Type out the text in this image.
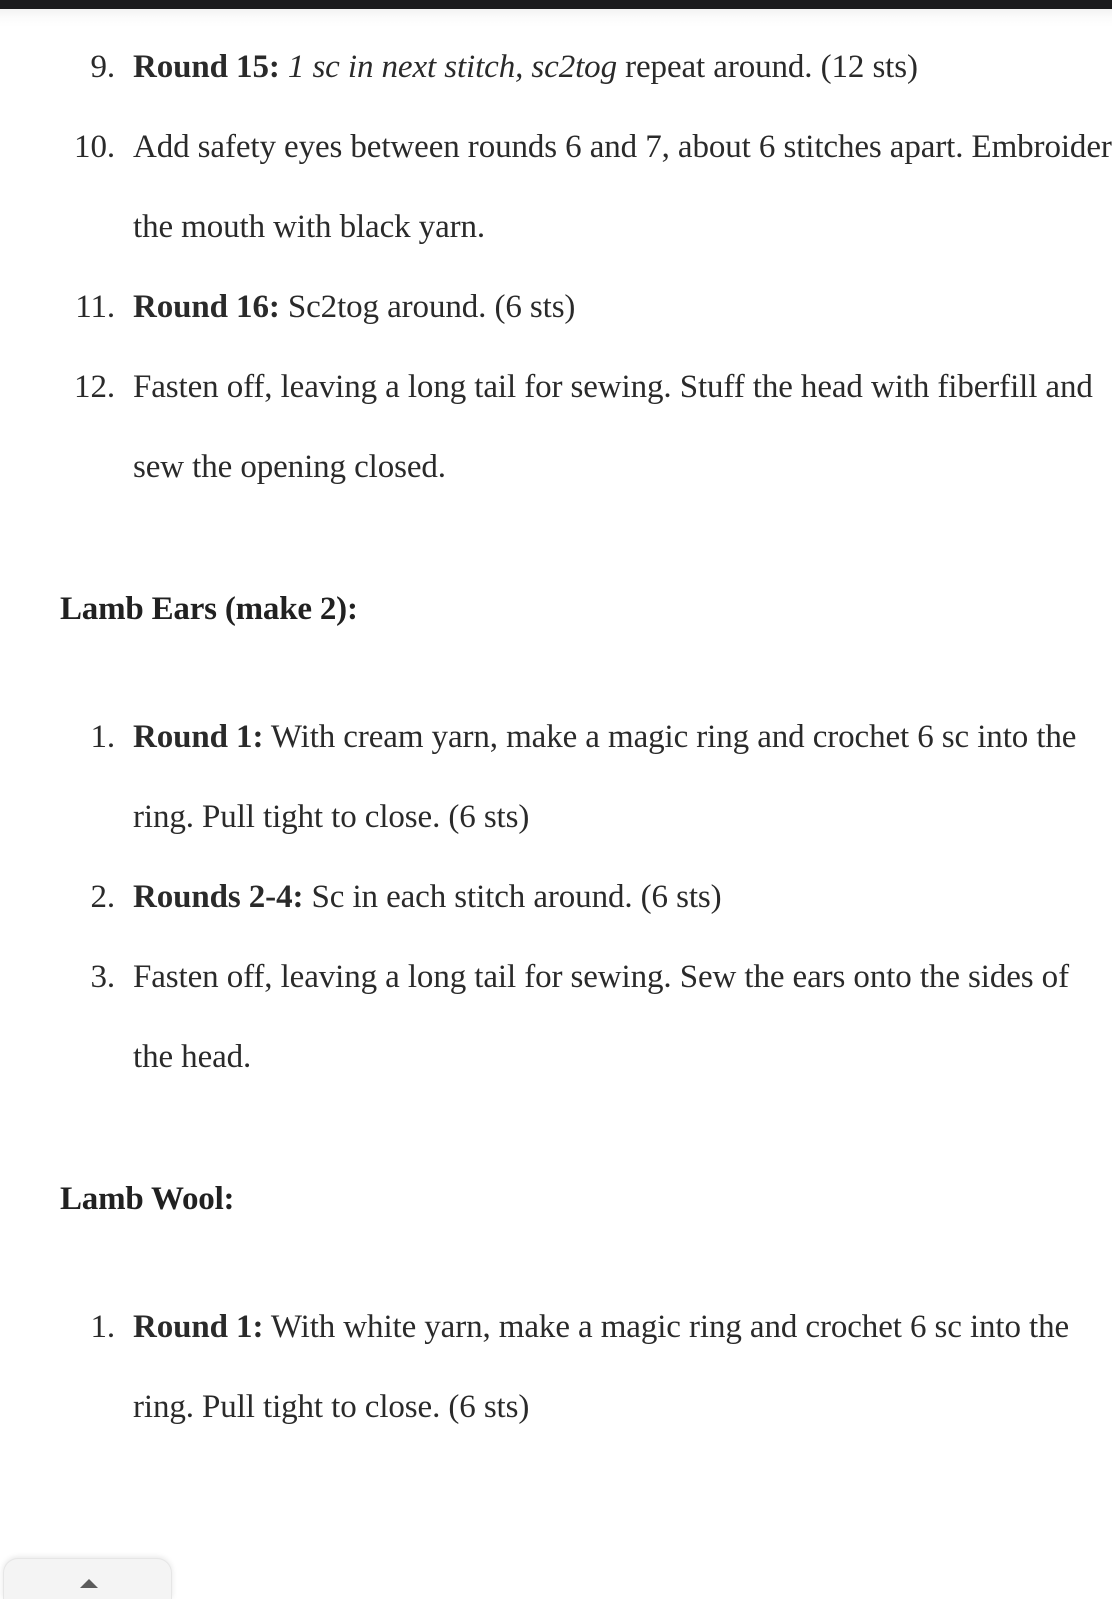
9. Round 15: 1 sc in next stitch, sc2tog repeat around. (12 sts)
10. Add safety eyes between rounds 6 and 7, about 6 stitches apart. Embroider the mouth with black yarn.
11. Round 16: Sc2tog around. (6 sts)
12. Fasten off, leaving a long tail for sewing. Stuff the head with fiberfill and sew the opening closed.
Lamb Ears (make 2):
1. Round 1: With cream yarn, make a magic ring and crochet 6 sc into the ring. Pull tight to close. (6 sts)
2. Rounds 2-4: Sc in each stitch around. (6 sts)
3. Fasten off, leaving a long tail for sewing. Sew the ears onto the sides of the head.
Lamb Wool:
1. Round 1: With white yarn, make a magic ring and crochet 6 sc into the ring. Pull tight to close. (6 sts)
